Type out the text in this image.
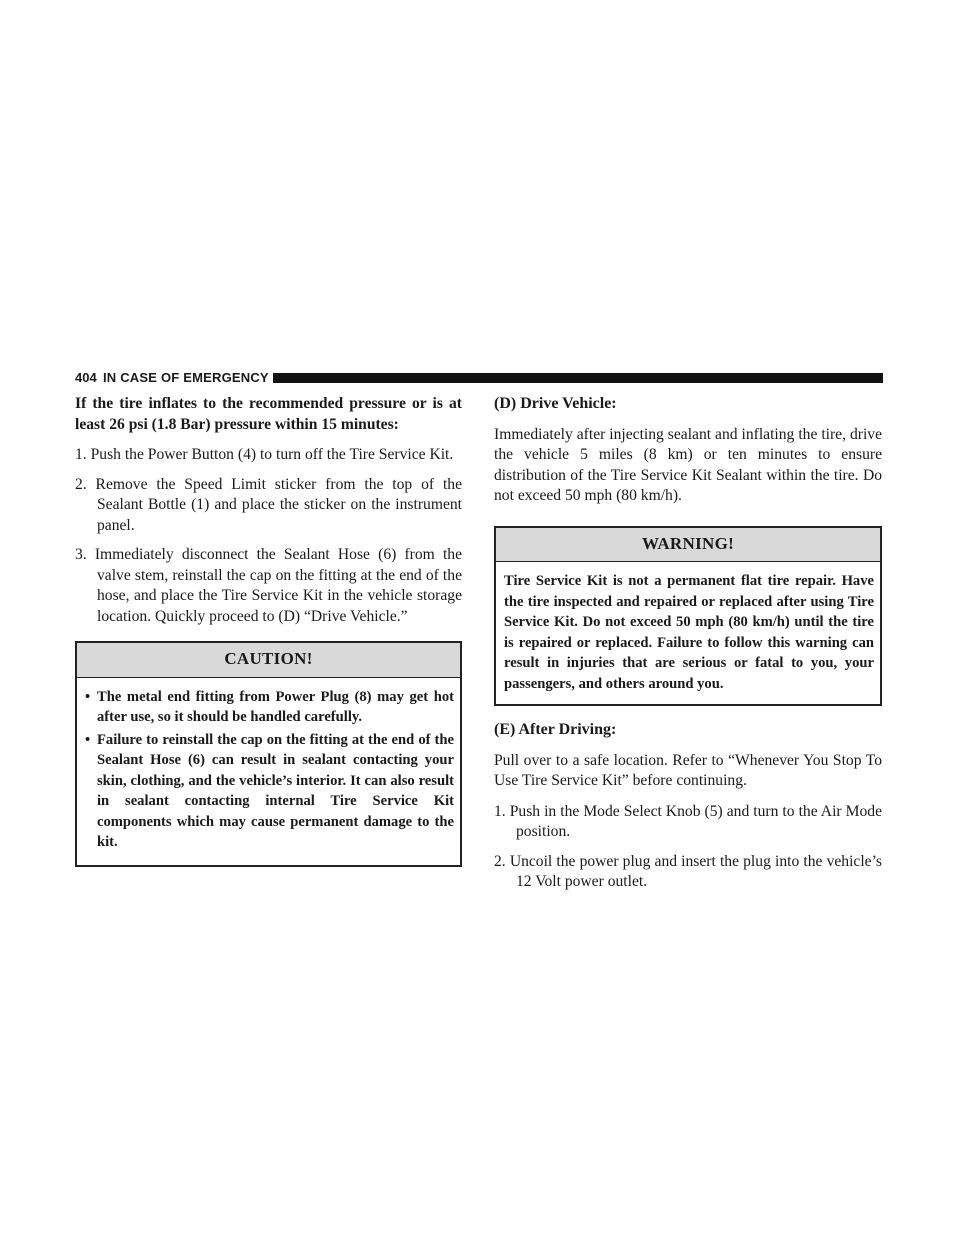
404 IN CASE OF EMERGENCY

If the tire inflates to the recommended pressure or is at least 26 psi (1.8 Bar) pressure within 15 minutes:

1. Push the Power Button (4) to turn off the Tire Service Kit.

2. Remove the Speed Limit sticker from the top of the Sealant Bottle (1) and place the sticker on the instrument panel.

3. Immediately disconnect the Sealant Hose (6) from the valve stem, reinstall the cap on the fitting at the end of the hose, and place the Tire Service Kit in the vehicle storage location. Quickly proceed to (D) “Drive Vehicle.”

CAUTION!
• The metal end fitting from Power Plug (8) may get hot after use, so it should be handled carefully.
• Failure to reinstall the cap on the fitting at the end of the Sealant Hose (6) can result in sealant contacting your skin, clothing, and the vehicle’s interior. It can also result in sealant contacting internal Tire Service Kit components which may cause permanent damage to the kit.

(D) Drive Vehicle:

Immediately after injecting sealant and inflating the tire, drive the vehicle 5 miles (8 km) or ten minutes to ensure distribution of the Tire Service Kit Sealant within the tire. Do not exceed 50 mph (80 km/h).

WARNING!
Tire Service Kit is not a permanent flat tire repair. Have the tire inspected and repaired or replaced after using Tire Service Kit. Do not exceed 50 mph (80 km/h) until the tire is repaired or replaced. Failure to follow this warning can result in injuries that are serious or fatal to you, your passengers, and others around you.

(E) After Driving:

Pull over to a safe location. Refer to “Whenever You Stop To Use Tire Service Kit” before continuing.

1. Push in the Mode Select Knob (5) and turn to the Air Mode position.

2. Uncoil the power plug and insert the plug into the vehicle’s 12 Volt power outlet.
